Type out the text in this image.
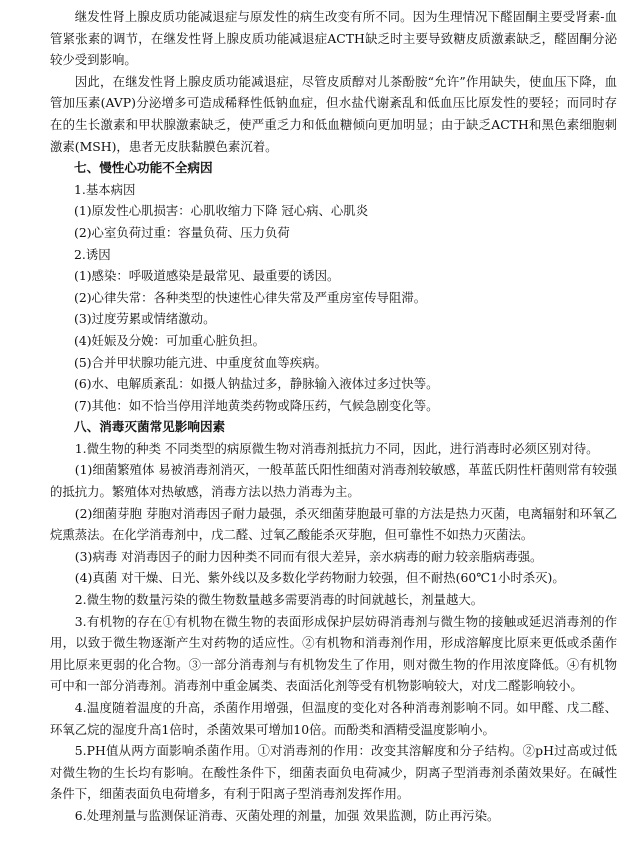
继发性肾上腺皮质功能减退症与原发性的病生改变有所不同。因为生理情况下醛固酮主要受肾素-血管紧张素的调节，在继发性肾上腺皮质功能减退症ACTH缺乏时主要导致糖皮质激素缺乏，醛固酮分泌较少受到影响。

因此，在继发性肾上腺皮质功能减退症，尽管皮质醇对儿茶酚胺“允许”作用缺失，使血压下降，血管加压素(AVP)分泌增多可造成稀释性低钠血症，但水盐代谢紊乱和低血压比原发性的要轻；而同时存在的生长激素和甲状腺激素缺乏，使严重乏力和低血糖倾向更加明显；由于缺乏ACTH和黑色素细胞刺激素(MSH)，患者无皮肤黏膜色素沉着。

七、慢性心功能不全病因

1.基本病因

(1)原发性心肌损害：心肌收缩力下降 冠心病、心肌炎

(2)心室负荷过重：容量负荷、压力负荷

2.诱因

(1)感染：呼吸道感染是最常见、最重要的诱因。

(2)心律失常：各种类型的快速性心律失常及严重房室传导阻滞。

(3)过度劳累或情绪激动。

(4)妊娠及分娩：可加重心脏负担。

(5)合并甲状腺功能亢进、中重度贫血等疾病。

(6)水、电解质紊乱：如摄人钠盐过多，静脉输入液体过多过快等。

(7)其他：如不恰当停用洋地黄类药物或降压药，气候急剧变化等。

八、消毒灭菌常见影响因素

1.微生物的种类 不同类型的病原微生物对消毒剂抵抗力不同，因此，进行消毒时必须区别对待。

(1)细菌繁殖体 易被消毒剂消灭，一般革蓝氏阳性细菌对消毒剂较敏感，革蓝氏阴性杆菌则常有较强的抵抗力。繁殖体对热敏感，消毒方法以热力消毒为主。

(2)细菌芽胞 芽胞对消毒因子耐力最强，杀灭细菌芽胞最可靠的方法是热力灭菌，电离辐射和环氧乙烷熏蒸法。在化学消毒剂中，戊二醛、过氧乙酸能杀灭芽胞，但可靠性不如热力灭菌法。

(3)病毒 对消毒因子的耐力因种类不同而有很大差异，亲水病毒的耐力较亲脂病毒强。

(4)真菌 对干燥、日光、紫外线以及多数化学药物耐力较强，但不耐热(60℃1小时杀灭)。

2.微生物的数量污染的微生物数量越多需要消毒的时间就越长，剂量越大。

3.有机物的存在①有机物在微生物的表面形成保护层妨碍消毒剂与微生物的接触或延迟消毒剂的作用，以致于微生物逐渐产生对药物的适应性。②有机物和消毒剂作用，形成溶解度比原来更低或杀菌作用比原来更弱的化合物。③一部分消毒剂与有机物发生了作用，则对微生物的作用浓度降低。④有机物可中和一部分消毒剂。消毒剂中重金属类、表面活化剂等受有机物影响较大，对戊二醛影响较小。

4.温度随着温度的升高，杀菌作用增强，但温度的变化对各种消毒剂影响不同。如甲醛、戊二醛、环氧乙烷的湿度升高1倍时，杀菌效果可增加10倍。而酚类和酒精受温度影响小。

5.PH值从两方面影响杀菌作用。①对消毒剂的作用：改变其溶解度和分子结构。②pH过高或过低对微生物的生长均有影响。在酸性条件下，细菌表面负电荷减少，阴离子型消毒剂杀菌效果好。在碱性条件下，细菌表面负电荷增多，有利于阳离子型消毒剂发挥作用。

6.处理剂量与监测保证消毒、灭菌处理的剂量，加强 效果监测，防止再污染。
